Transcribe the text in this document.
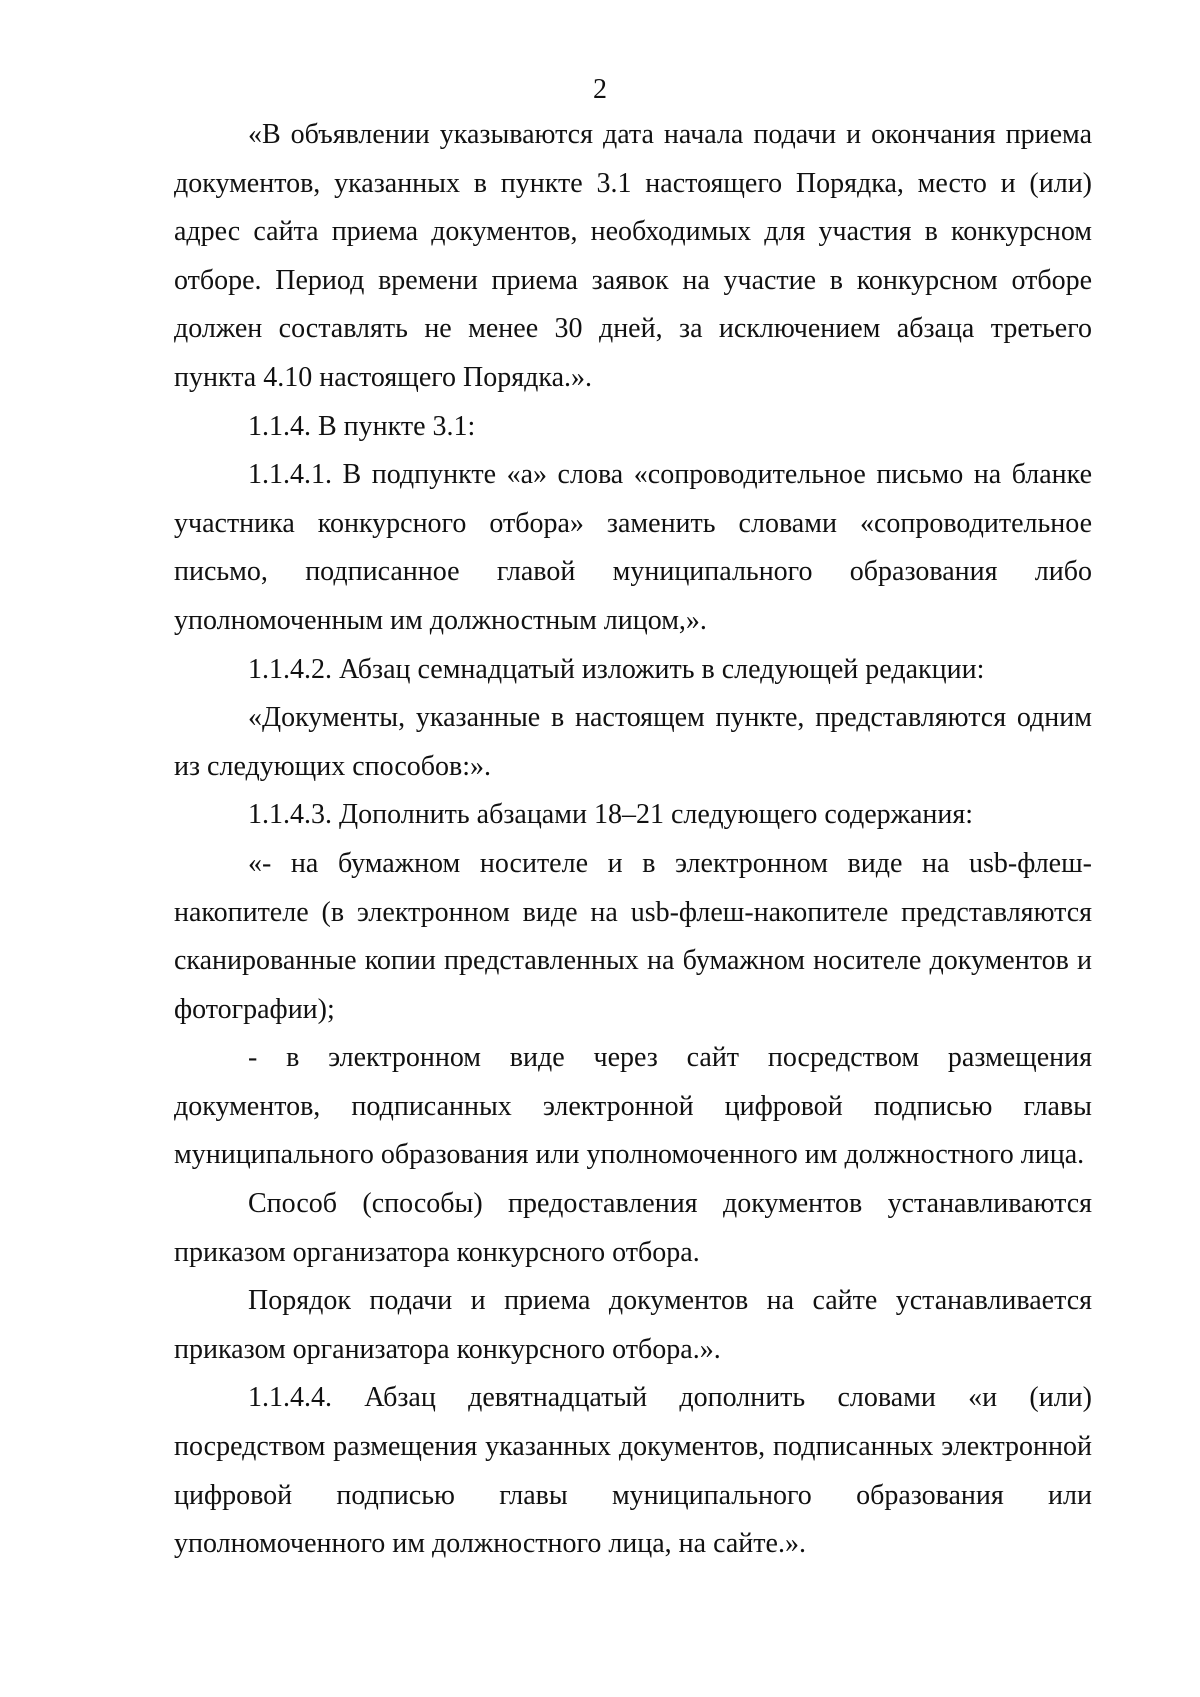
2

«В объявлении указываются дата начала подачи и окончания приема документов, указанных в пункте 3.1 настоящего Порядка, место и (или) адрес сайта приема документов, необходимых для участия в конкурсном отборе. Период времени приема заявок на участие в конкурсном отборе должен составлять не менее 30 дней, за исключением абзаца третьего пункта 4.10 настоящего Порядка.».

1.1.4. В пункте 3.1:

1.1.4.1. В подпункте «а» слова «сопроводительное письмо на бланке участника конкурсного отбора» заменить словами «сопроводительное письмо, подписанное главой муниципального образования либо уполномоченным им должностным лицом,».

1.1.4.2. Абзац семнадцатый изложить в следующей редакции:

«Документы, указанные в настоящем пункте, представляются одним из следующих способов:».

1.1.4.3. Дополнить абзацами 18–21 следующего содержания:

«- на бумажном носителе и в электронном виде на usb-флеш-накопителе (в электронном виде на usb-флеш-накопителе представляются сканированные копии представленных на бумажном носителе документов и фотографии);

- в электронном виде через сайт посредством размещения документов, подписанных электронной цифровой подписью главы муниципального образования или уполномоченного им должностного лица.

Способ (способы) предоставления документов устанавливаются приказом организатора конкурсного отбора.

Порядок подачи и приема документов на сайте устанавливается приказом организатора конкурсного отбора.».

1.1.4.4. Абзац девятнадцатый дополнить словами «и (или) посредством размещения указанных документов, подписанных электронной цифровой подписью главы муниципального образования или уполномоченного им должностного лица, на сайте.».
